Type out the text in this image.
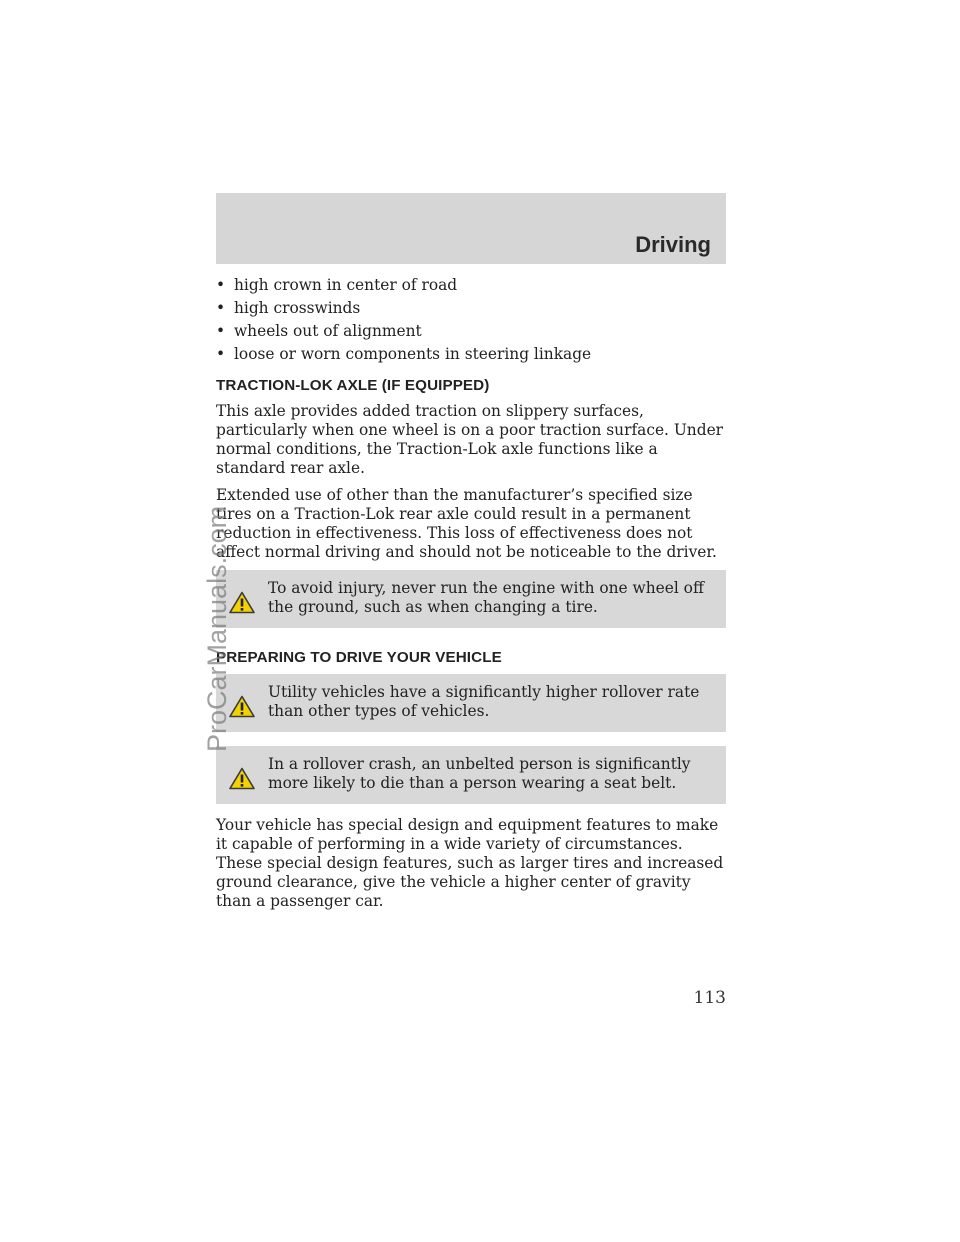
Driving
• high crown in center of road
• high crosswinds
• wheels out of alignment
• loose or worn components in steering linkage
TRACTION-LOK AXLE (IF EQUIPPED)

This axle provides added traction on slippery surfaces, particularly when one wheel is on a poor traction surface. Under normal conditions, the Traction-Lok axle functions like a standard rear axle.

Extended use of other than the manufacturer’s specified size tires on a Traction-Lok rear axle could result in a permanent reduction in effectiveness. This loss of effectiveness does not affect normal driving and should not be noticeable to the driver.

To avoid injury, never run the engine with one wheel off the ground, such as when changing a tire.
PREPARING TO DRIVE YOUR VEHICLE
Utility vehicles have a significantly higher rollover rate than other types of vehicles.
In a rollover crash, an unbelted person is significantly more likely to die than a person wearing a seat belt.

Your vehicle has special design and equipment features to make it capable of performing in a wide variety of circumstances. These special design features, such as larger tires and increased ground clearance, give the vehicle a higher center of gravity than a passenger car.

113
ProCarManuals.com
